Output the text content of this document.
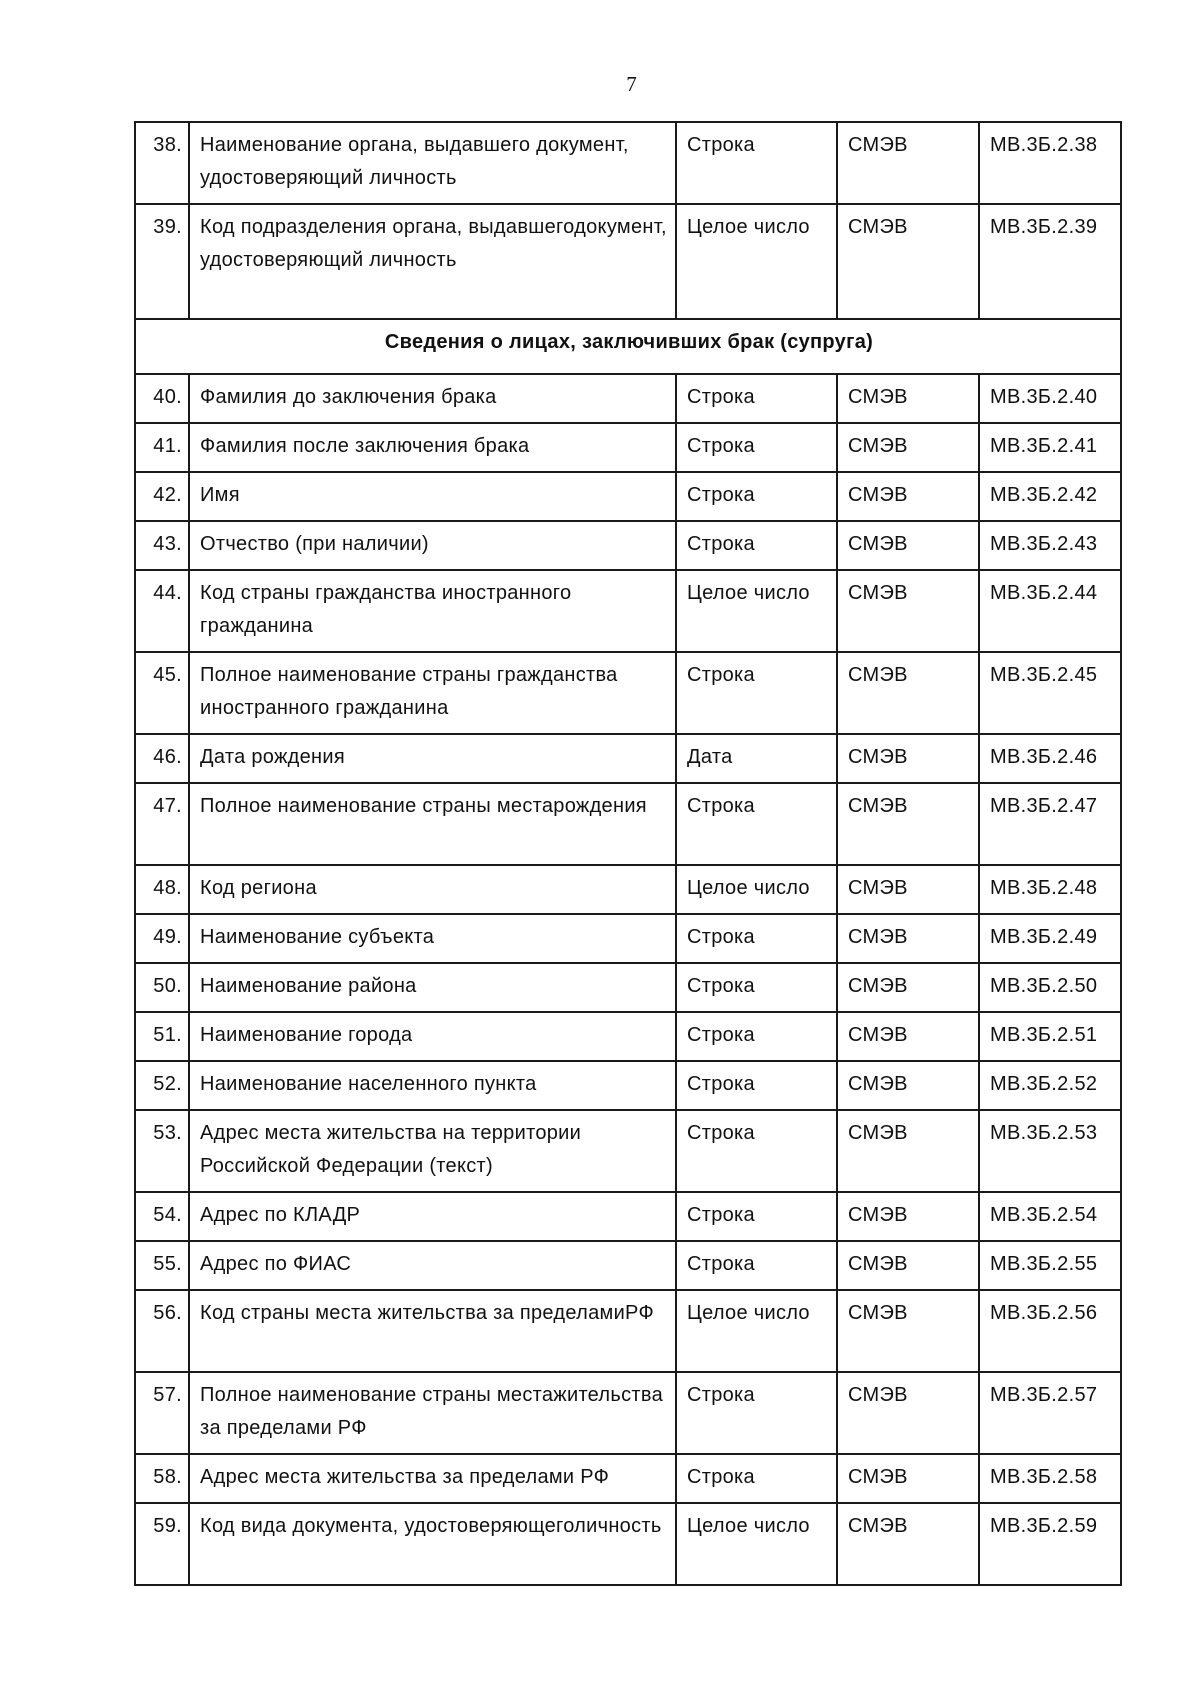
7
38.	Наименование органа, выдавшего документ, удостоверяющий личность	Строка	СМЭВ	МВ.3Б.2.38
39.	Код подразделения органа, выдавшегодокумент, удостоверяющий личность	Целое число	СМЭВ	МВ.3Б.2.39
Сведения о лицах, заключивших брак (супруга)				
40.	Фамилия до заключения брака	Строка	СМЭВ	МВ.3Б.2.40
41.	Фамилия после заключения брака	Строка	СМЭВ	МВ.3Б.2.41
42.	Имя	Строка	СМЭВ	МВ.3Б.2.42
43.	Отчество (при наличии)	Строка	СМЭВ	МВ.3Б.2.43
44.	Код страны гражданства иностранного гражданина	Целое число	СМЭВ	МВ.3Б.2.44
45.	Полное наименование страны гражданства иностранного гражданина	Строка	СМЭВ	МВ.3Б.2.45
46.	Дата рождения	Дата	СМЭВ	МВ.3Б.2.46
47.	Полное наименование страны местарождения	Строка	СМЭВ	МВ.3Б.2.47
48.	Код региона	Целое число	СМЭВ	МВ.3Б.2.48
49.	Наименование субъекта	Строка	СМЭВ	МВ.3Б.2.49
50.	Наименование района	Строка	СМЭВ	МВ.3Б.2.50
51.	Наименование города	Строка	СМЭВ	МВ.3Б.2.51
52.	Наименование населенного пункта	Строка	СМЭВ	МВ.3Б.2.52
53.	Адрес места жительства на территории Российской Федерации (текст)	Строка	СМЭВ	МВ.3Б.2.53
54.	Адрес по КЛАДР	Строка	СМЭВ	МВ.3Б.2.54
55.	Адрес по ФИАС	Строка	СМЭВ	МВ.3Б.2.55
56.	Код страны места жительства за пределамиРФ	Целое число	СМЭВ	МВ.3Б.2.56
57.	Полное наименование страны местажительства за пределами РФ	Строка	СМЭВ	МВ.3Б.2.57
58.	Адрес места жительства за пределами РФ	Строка	СМЭВ	МВ.3Б.2.58
59.	Код вида документа, удостоверяющеголичность	Целое число	СМЭВ	МВ.3Б.2.59
